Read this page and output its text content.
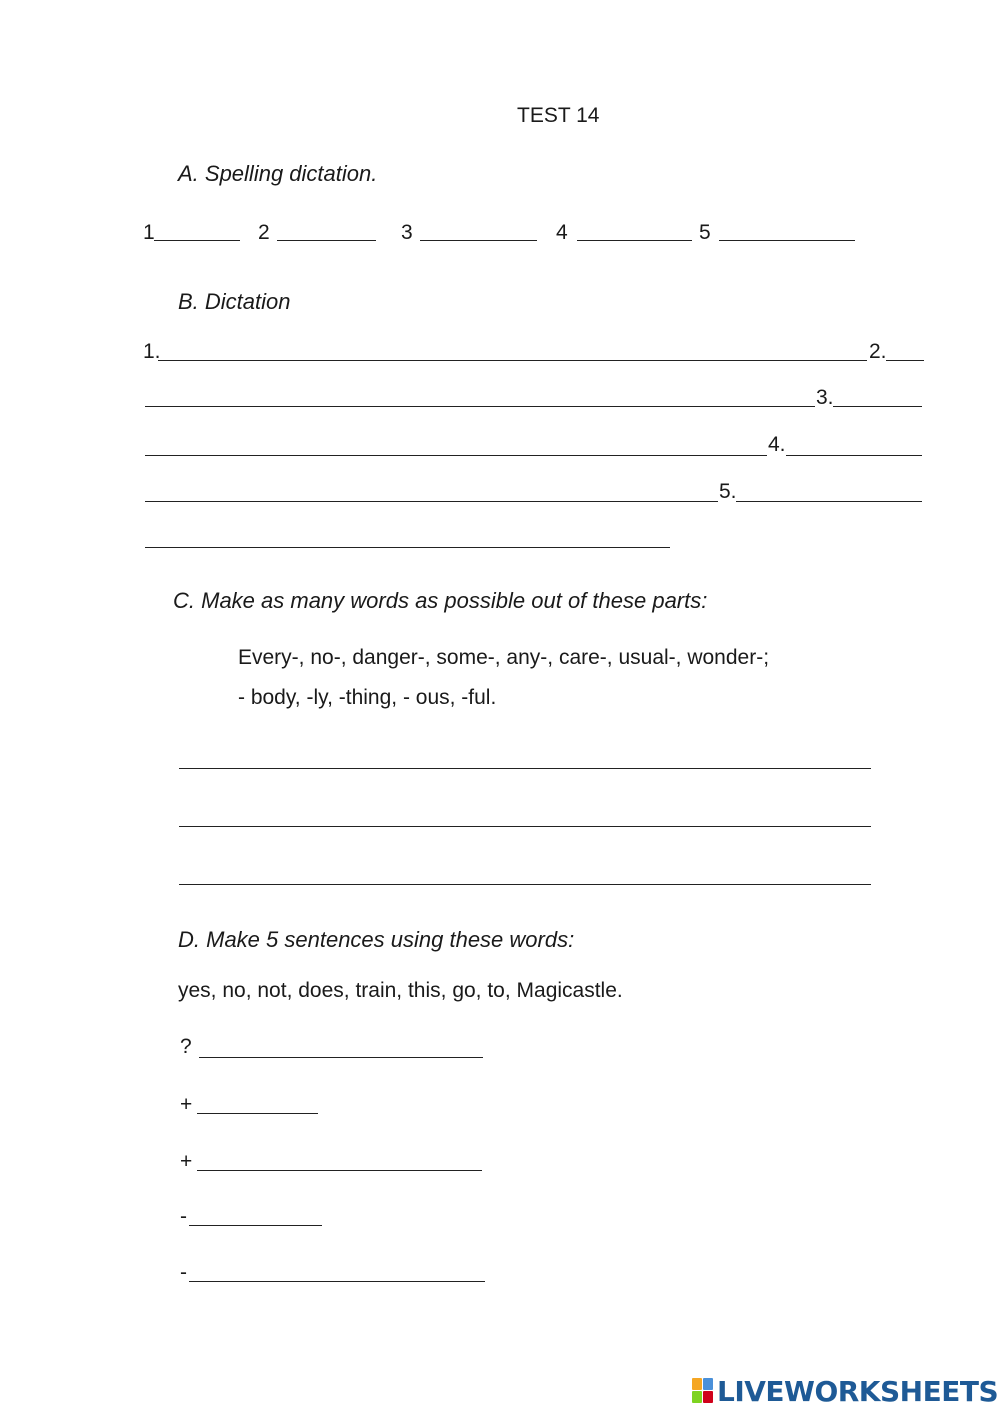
TEST 14
A. Spelling dictation.
1	2	3	4	5
B. Dictation
1.	2.
3.
4.
5.
C. Make as many words as possible out of these parts:
Every-, no-, danger-, some-, any-, care-, usual-, wonder-;
- body, -ly, -thing, - ous, -ful.
D. Make 5 sentences using these words:
yes, no, not, does, train, this, go, to, Magicastle.
?
+
+
-
-
LIVEWORKSHEETS
